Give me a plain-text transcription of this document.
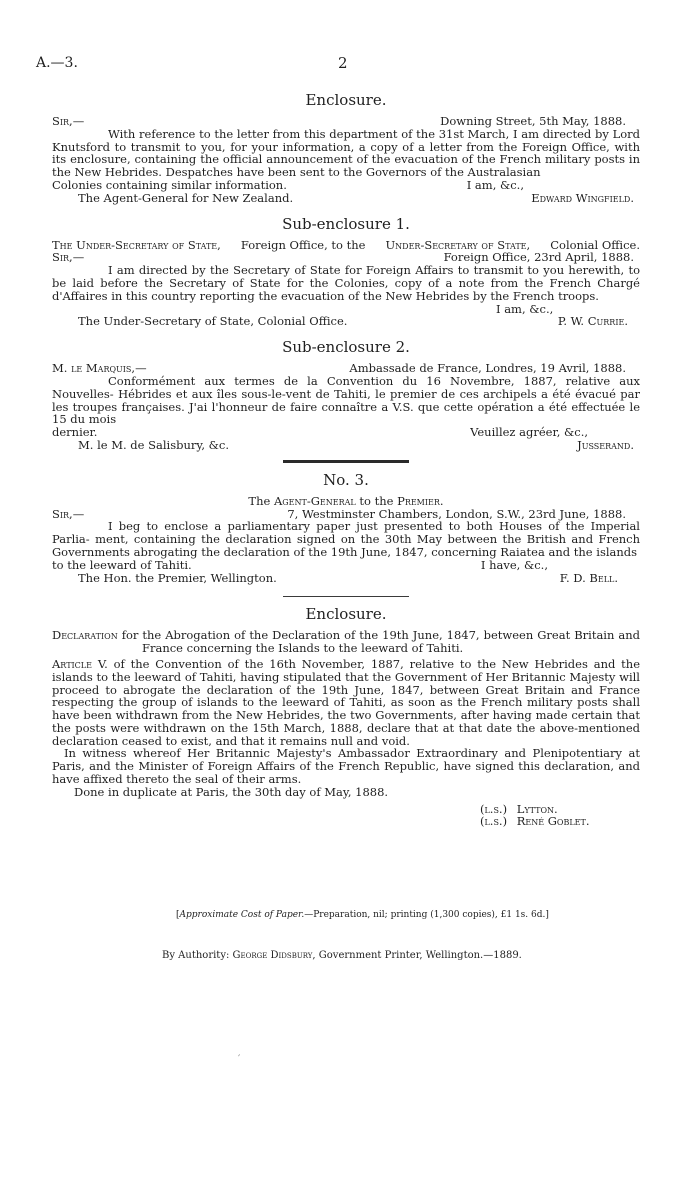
A.—3.	2
Enclosure.
Sir,—	Downing Street, 5th May, 1888.
With reference to the letter from this department of the 31st March, I am directed by Lord Knutsford to transmit to you, for your information, a copy of a letter from the Foreign Office, with its enclosure, containing the official announcement of the evacuation of the French military posts in the New Hebrides. Despatches have been sent to the Governors of the Australasian
Colonies containing similar information.	I am, &c.,
The Agent-General for New Zealand.	Edward Wingfield.
Sub-enclosure 1.
The Under-Secretary of State, Foreign Office, to the Under-Secretary of State, Colonial Office.
Sir,—	Foreign Office, 23rd April, 1888.
I am directed by the Secretary of State for Foreign Affairs to transmit to you herewith, to be laid before the Secretary of State for the Colonies, copy of a note from the French Chargé d'Affaires in this country reporting the evacuation of the New Hebrides by the French troops.
I am, &c.,
The Under-Secretary of State, Colonial Office.	P. W. Currie.
Sub-enclosure 2.
M. le Marquis,—	Ambassade de France, Londres, 19 Avril, 1888.
Conformément aux termes de la Convention du 16 Novembre, 1887, relative aux Nouvelles- Hébrides et aux îles sous-le-vent de Tahiti, le premier de ces archipels a été évacué par les troupes françaises. J'ai l'honneur de faire connaître a V.S. que cette opération a été effectuée le 15 du mois
dernier.	Veuillez agréer, &c.,
M. le M. de Salisbury, &c.	Jusserand.
No. 3.
The Agent-General to the Premier.
Sir,—	7, Westminster Chambers, London, S.W., 23rd June, 1888.
I beg to enclose a parliamentary paper just presented to both Houses of the Imperial Parlia- ment, containing the declaration signed on the 30th May between the British and French Governments abrogating the declaration of the 19th June, 1847, concerning Raiatea and the islands
to the leeward of Tahiti.	I have, &c.,
The Hon. the Premier, Wellington.	F. D. Bell.
Enclosure.
Declaration for the Abrogation of the Declaration of the 19th June, 1847, between Great Britain and France concerning the Islands to the leeward of Tahiti.
Article V. of the Convention of the 16th November, 1887, relative to the New Hebrides and the islands to the leeward of Tahiti, having stipulated that the Government of Her Britannic Majesty will proceed to abrogate the declaration of the 19th June, 1847, between Great Britain and France respecting the group of islands to the leeward of Tahiti, as soon as the French military posts shall have been withdrawn from the New Hebrides, the two Governments, after having made certain that the posts were withdrawn on the 15th March, 1888, declare that at that date the above-mentioned declaration ceased to exist, and that it remains null and void.
In witness whereof Her Britannic Majesty's Ambassador Extraordinary and Plenipotentiary at Paris, and the Minister of Foreign Affairs of the French Republic, have signed this declaration, and have affixed thereto the seal of their arms.
Done in duplicate at Paris, the 30th day of May, 1888.
(l.s.) Lytton.
(l.s.) René Goblet.
[Approximate Cost of Paper.—Preparation, nil; printing (1,300 copies), £1 1s. 6d.]
By Authority: George Didsbury, Government Printer, Wellington.—1889.
′
